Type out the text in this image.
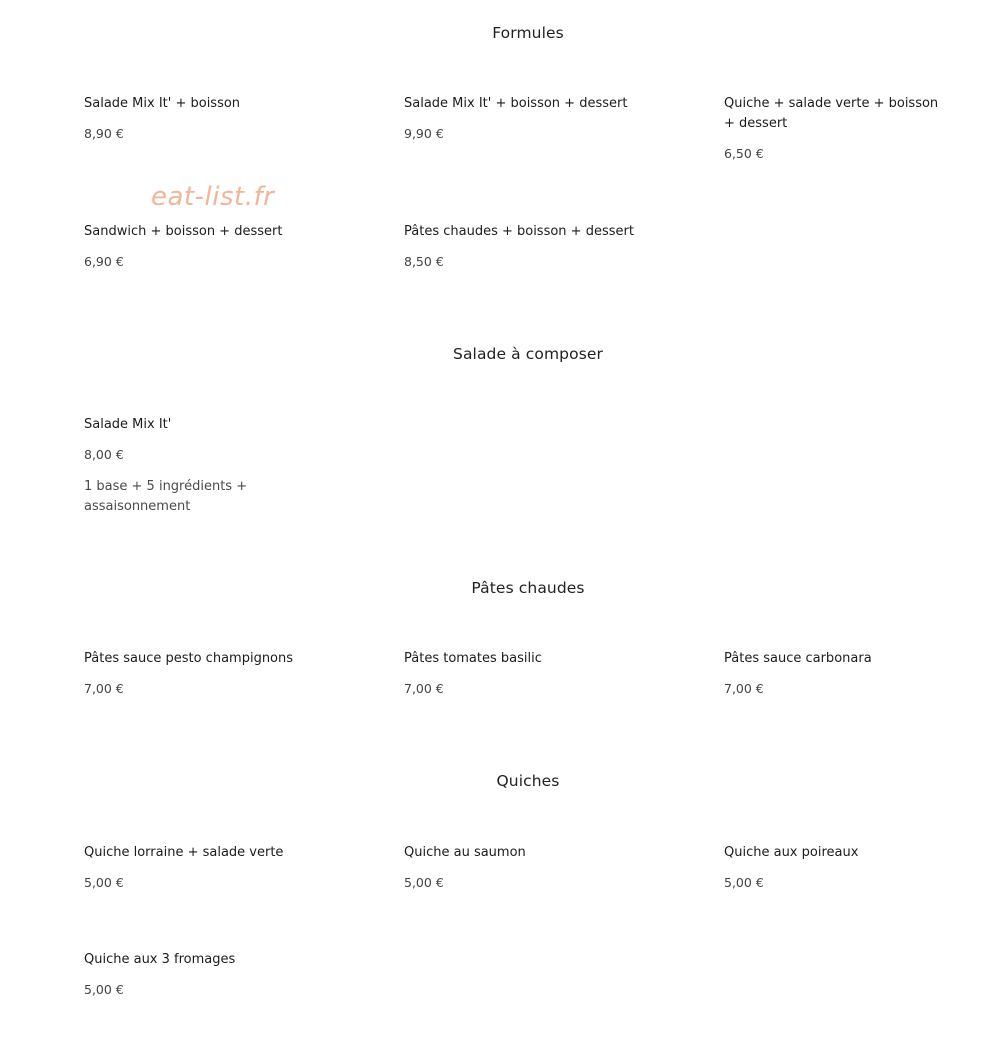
Formules
Salade Mix It' + boisson
8,90 €
Salade Mix It' + boisson + dessert
9,90 €
Quiche + salade verte + boisson + dessert
6,50 €
Sandwich + boisson + dessert
6,90 €
Pâtes chaudes + boisson + dessert
8,50 €
eat-list.fr
Salade à composer
Salade Mix It'
8,00 €
1 base + 5 ingrédients + assaisonnement
Pâtes chaudes
Pâtes sauce pesto champignons
7,00 €
Pâtes tomates basilic
7,00 €
Pâtes sauce carbonara
7,00 €
Quiches
Quiche lorraine + salade verte
5,00 €
Quiche au saumon
5,00 €
Quiche aux poireaux
5,00 €
Quiche aux 3 fromages
5,00 €
